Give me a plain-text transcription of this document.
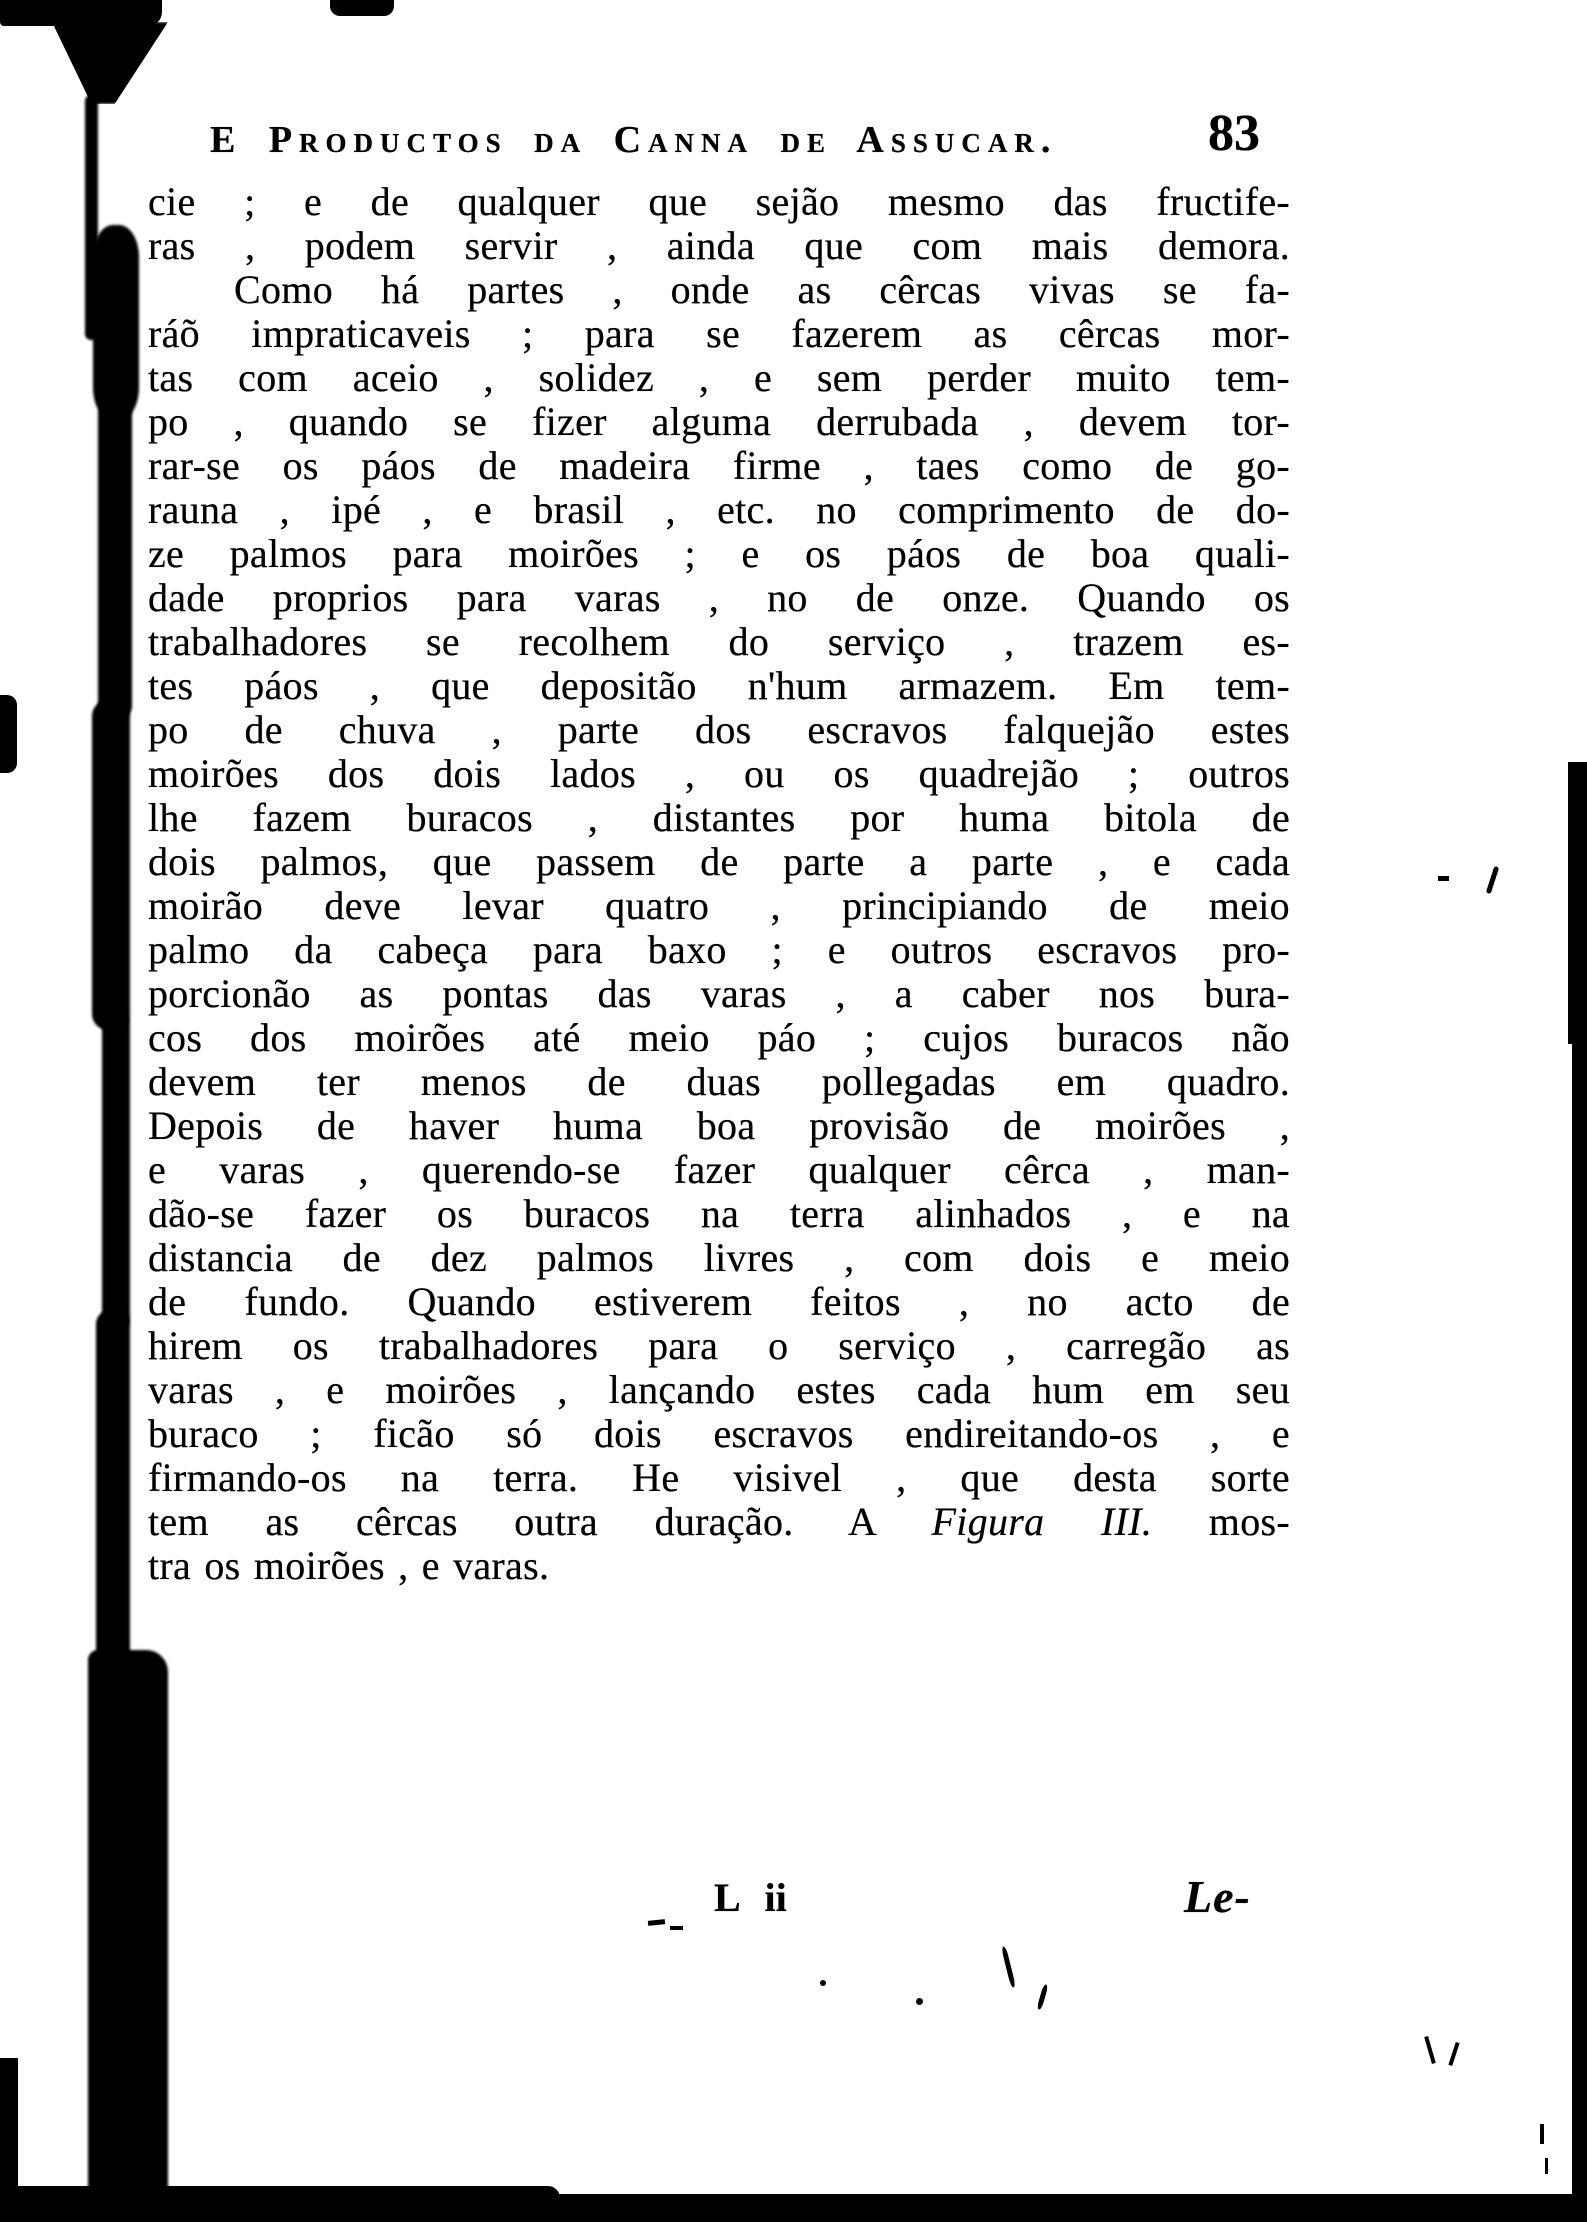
E Productos da Canna de Assucar.	83
cie ; e de qualquer que sejão mesmo das fructife-
ras , podem servir , ainda que com mais demora.
Como há partes , onde as cêrcas vivas se fa-
ráõ impraticaveis ; para se fazerem as cêrcas mor-
tas com aceio , solidez , e sem perder muito tem-
po , quando se fizer alguma derrubada , devem tor-
rar-se os páos de madeira firme , taes como de go-
rauna , ipé , e brasil , etc. no comprimento de do-
ze palmos para moirões ; e os páos de boa quali-
dade proprios para varas , no de onze. Quando os
trabalhadores se recolhem do serviço , trazem es-
tes páos , que depositão n'hum armazem. Em tem-
po de chuva , parte dos escravos falquejão estes
moirões dos dois lados , ou os quadrejão ; outros
lhe fazem buracos , distantes por huma bitola de
dois palmos, que passem de parte a parte , e cada
moirão deve levar quatro , principiando de meio
palmo da cabeça para baxo ; e outros escravos pro-
porcionão as pontas das varas , a caber nos bura-
cos dos moirões até meio páo ; cujos buracos não
devem ter menos de duas pollegadas em quadro.
Depois de haver huma boa provisão de moirões ,
e varas , querendo-se fazer qualquer cêrca , man-
dão-se fazer os buracos na terra alinhados , e na
distancia de dez palmos livres , com dois e meio
de fundo. Quando estiverem feitos , no acto de
hirem os trabalhadores para o serviço , carregão as
varas , e moirões , lançando estes cada hum em seu
buraco ; ficão só dois escravos endireitando-os , e
firmando-os na terra. He visivel , que desta sorte
tem as cêrcas outra duração. A Figura III. mos-
tra os moirões , e varas.
L ii	Le-
